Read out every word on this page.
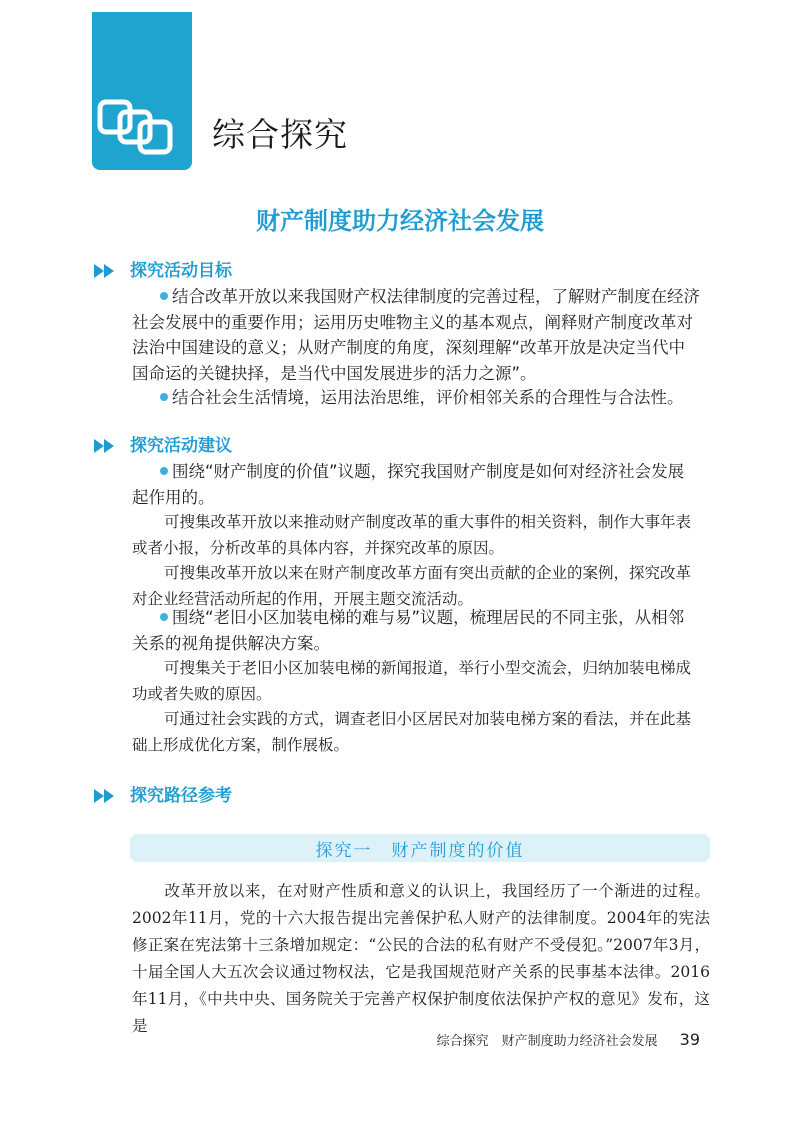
综合探究
财产制度助力经济社会发展
探究活动目标

结合改革开放以来我国财产权法律制度的完善过程，了解财产制度在经济社会发展中的重要作用；运用历史唯物主义的基本观点，阐释财产制度改革对法治中国建设的意义；从财产制度的角度，深刻理解“改革开放是决定当代中国命运的关键抉择，是当代中国发展进步的活力之源”。

结合社会生活情境，运用法治思维，评价相邻关系的合理性与合法性。

探究活动建议

围绕“财产制度的价值”议题，探究我国财产制度是如何对经济社会发展起作用的。

可搜集改革开放以来推动财产制度改革的重大事件的相关资料，制作大事年表或者小报，分析改革的具体内容，并探究改革的原因。

可搜集改革开放以来在财产制度改革方面有突出贡献的企业的案例，探究改革对企业经营活动所起的作用，开展主题交流活动。

围绕“老旧小区加装电梯的难与易”议题，梳理居民的不同主张，从相邻关系的视角提供解决方案。

可搜集关于老旧小区加装电梯的新闻报道，举行小型交流会，归纳加装电梯成功或者失败的原因。

可通过社会实践的方式，调查老旧小区居民对加装电梯方案的看法，并在此基础上形成优化方案，制作展板。

探究路径参考
探究一　财产制度的价值

改革开放以来，在对财产性质和意义的认识上，我国经历了一个渐进的过程。2002年11月，党的十六大报告提出完善保护私人财产的法律制度。2004年的宪法修正案在宪法第十三条增加规定：“公民的合法的私有财产不受侵犯。”2007年3月，十届全国人大五次会议通过物权法，它是我国规范财产关系的民事基本法律。2016年11月，《中共中央、国务院关于完善产权保护制度依法保护产权的意见》发布，这是

综合探究　财产制度助力经济社会发展 39
